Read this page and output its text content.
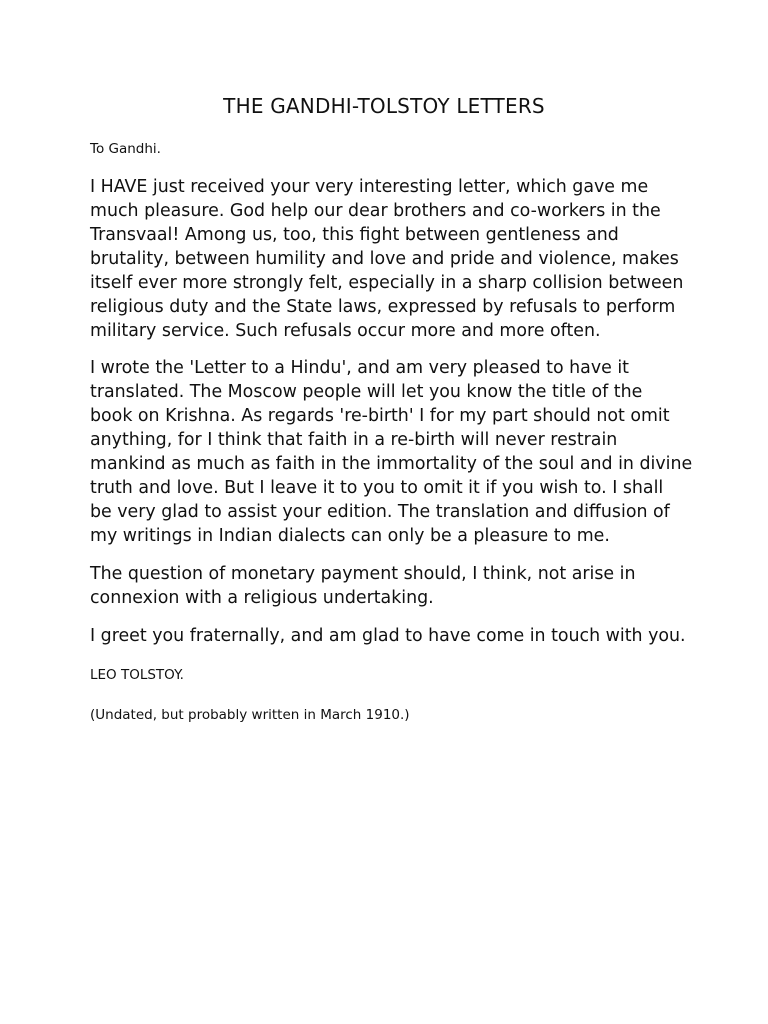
THE GANDHI-TOLSTOY LETTERS
To Gandhi.
I HAVE just received your very interesting letter, which gave me
much pleasure. God help our dear brothers and co-workers in the
Transvaal! Among us, too, this fight between gentleness and
brutality, between humility and love and pride and violence, makes
itself ever more strongly felt, especially in a sharp collision between
religious duty and the State laws, expressed by refusals to perform
military service. Such refusals occur more and more often.
I wrote the 'Letter to a Hindu', and am very pleased to have it
translated. The Moscow people will let you know the title of the
book on Krishna. As regards 're-birth' I for my part should not omit
anything, for I think that faith in a re-birth will never restrain
mankind as much as faith in the immortality of the soul and in divine
truth and love. But I leave it to you to omit it if you wish to. I shall
be very glad to assist your edition. The translation and diffusion of
my writings in Indian dialects can only be a pleasure to me.
The question of monetary payment should, I think, not arise in
connexion with a religious undertaking.
I greet you fraternally, and am glad to have come in touch with you.
LEO TOLSTOY.
(Undated, but probably written in March 1910.)
